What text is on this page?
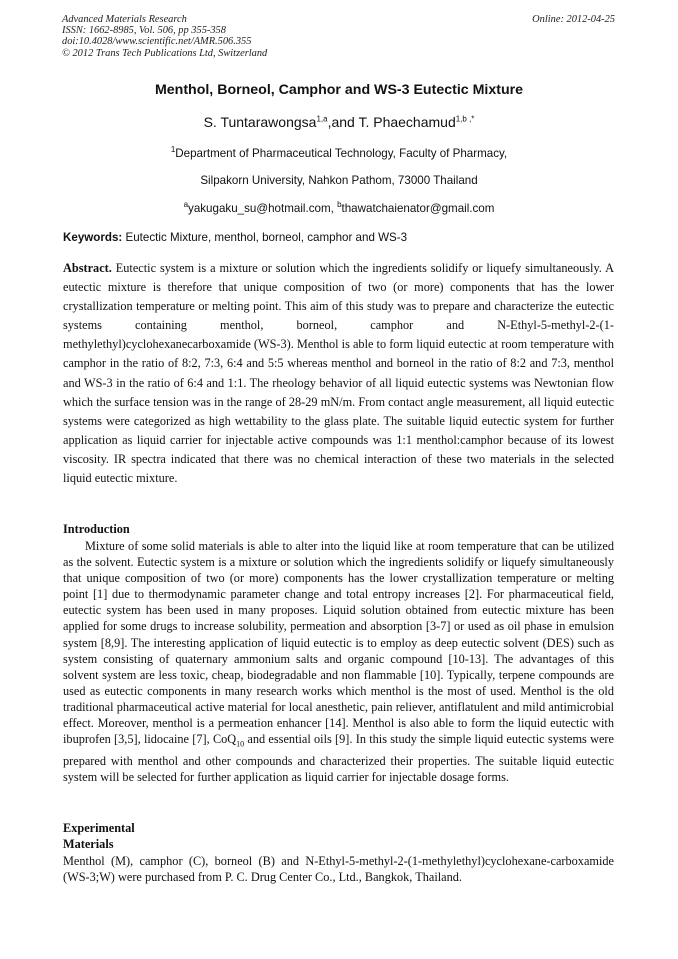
Advanced Materials Research
ISSN: 1662-8985, Vol. 506, pp 355-358
doi:10.4028/www.scientific.net/AMR.506.355
© 2012 Trans Tech Publications Ltd, Switzerland
Online: 2012-04-25
Menthol, Borneol, Camphor and WS-3 Eutectic Mixture
S. Tuntarawongsa$^{1,a}$,and T. Phaechamud$^{1,b ,*}$
$^1$Department of Pharmaceutical Technology, Faculty of Pharmacy,
Silpakorn University, Nahkon Pathom, 73000 Thailand
$^a$yakugaku_su@hotmail.com, $^b$thawatchaienator@gmail.com
Keywords: Eutectic Mixture, menthol, borneol, camphor and WS-3
Abstract. Eutectic system is a mixture or solution which the ingredients solidify or liquefy simultaneously. A eutectic mixture is therefore that unique composition of two (or more) components that has the lower crystallization temperature or melting point. This aim of this study was to prepare and characterize the eutectic systems containing menthol, borneol, camphor and N-Ethyl-5-methyl-2-(1-methylethyl)cyclohexanecarboxamide (WS-3). Menthol is able to form liquid eutectic at room temperature with camphor in the ratio of 8:2, 7:3, 6:4 and 5:5 whereas menthol and borneol in the ratio of 8:2 and 7:3, menthol and WS-3 in the ratio of 6:4 and 1:1. The rheology behavior of all liquid eutectic systems was Newtonian flow which the surface tension was in the range of 28-29 mN/m. From contact angle measurement, all liquid eutectic systems were categorized as high wettability to the glass plate. The suitable liquid eutectic system for further application as liquid carrier for injectable active compounds was 1:1 menthol:camphor because of its lowest viscosity. IR spectra indicated that there was no chemical interaction of these two materials in the selected liquid eutectic mixture.
Introduction
Mixture of some solid materials is able to alter into the liquid like at room temperature that can be utilized as the solvent. Eutectic system is a mixture or solution which the ingredients solidify or liquefy simultaneously that unique composition of two (or more) components has the lower crystallization temperature or melting point [1] due to thermodynamic parameter change and total entropy increases [2]. For pharmaceutical field, eutectic system has been used in many proposes. Liquid solution obtained from eutectic mixture has been applied for some drugs to increase solubility, permeation and absorption [3-7] or used as oil phase in emulsion system [8,9]. The interesting application of liquid eutectic is to employ as deep eutectic solvent (DES) such as system consisting of quaternary ammonium salts and organic compound [10-13]. The advantages of this solvent system are less toxic, cheap, biodegradable and non flammable [10]. Typically, terpene compounds are used as eutectic components in many research works which menthol is the most of used. Menthol is the old traditional pharmaceutical active material for local anesthetic, pain reliever, antiflatulent and mild antimicrobial effect. Moreover, menthol is a permeation enhancer [14]. Menthol is also able to form the liquid eutectic with ibuprofen [3,5], lidocaine [7], CoQ$_{10}$ and essential oils [9]. In this study the simple liquid eutectic systems were prepared with menthol and other compounds and characterized their properties. The suitable liquid eutectic system will be selected for further application as liquid carrier for injectable dosage forms.
Experimental
Materials
Menthol (M), camphor (C), borneol (B) and N-Ethyl-5-methyl-2-(1-methylethyl)cyclohexane-carboxamide (WS-3;W) were purchased from P. C. Drug Center Co., Ltd., Bangkok, Thailand.
